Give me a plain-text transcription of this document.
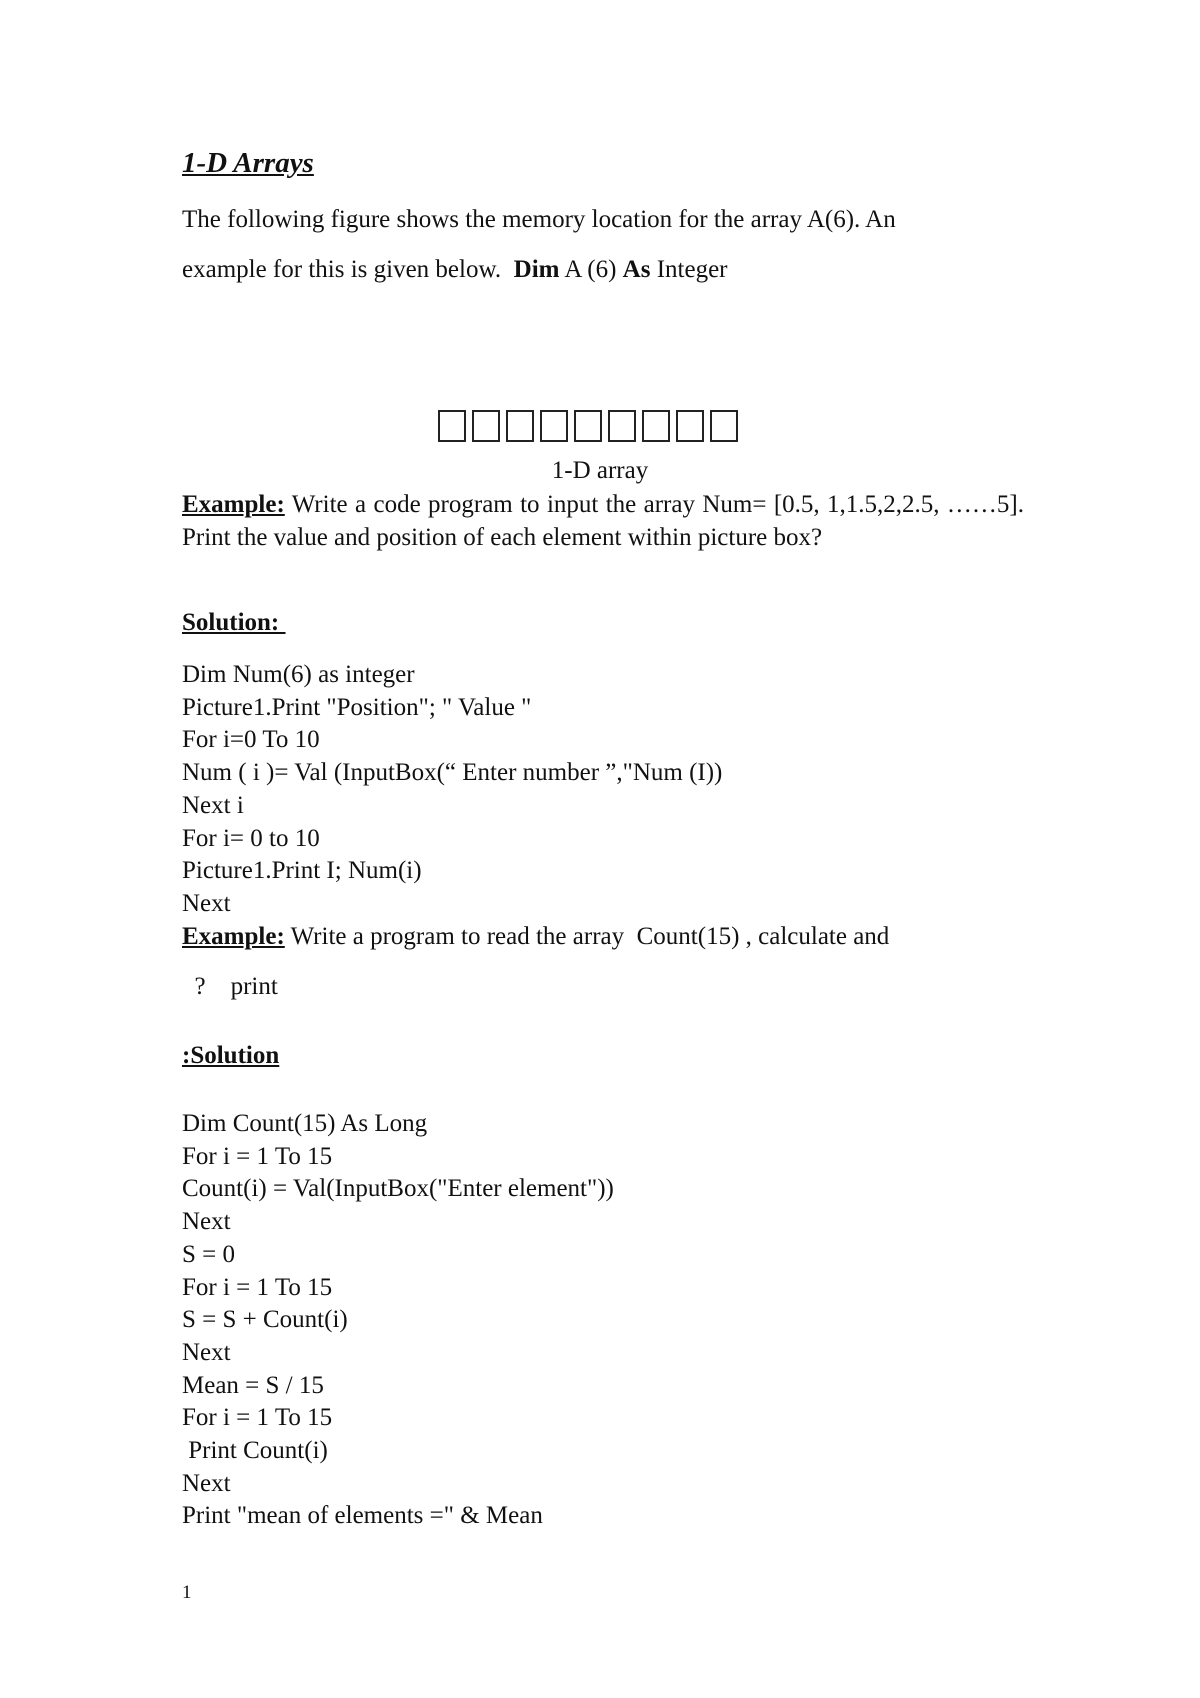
1-D Arrays
The following figure shows the memory location for the array A(6). An
example for this is given below.  Dim A (6) As Integer
1-D array
Example: Write a code program to input the array Num= [0.5, 1,1.5,2,2.5, ……5]. Print the value and position of each element within picture box?
Solution:
Dim Num(6) as integer
Picture1.Print "Position"; " Value "
For i=0 To 10
Num ( i )= Val (InputBox(“ Enter number ”,"Num (I))
Next i
For i= 0 to 10
Picture1.Print I; Num(i)
Next
Example: Write a program to read the array  Count(15) , calculate and
?    print
:Solution
Dim Count(15) As Long
For i = 1 To 15
Count(i) = Val(InputBox("Enter element"))
Next
S = 0
For i = 1 To 15
S = S + Count(i)
Next
Mean = S / 15
For i = 1 To 15
Print Count(i)
Next
Print "mean of elements =" & Mean
1
